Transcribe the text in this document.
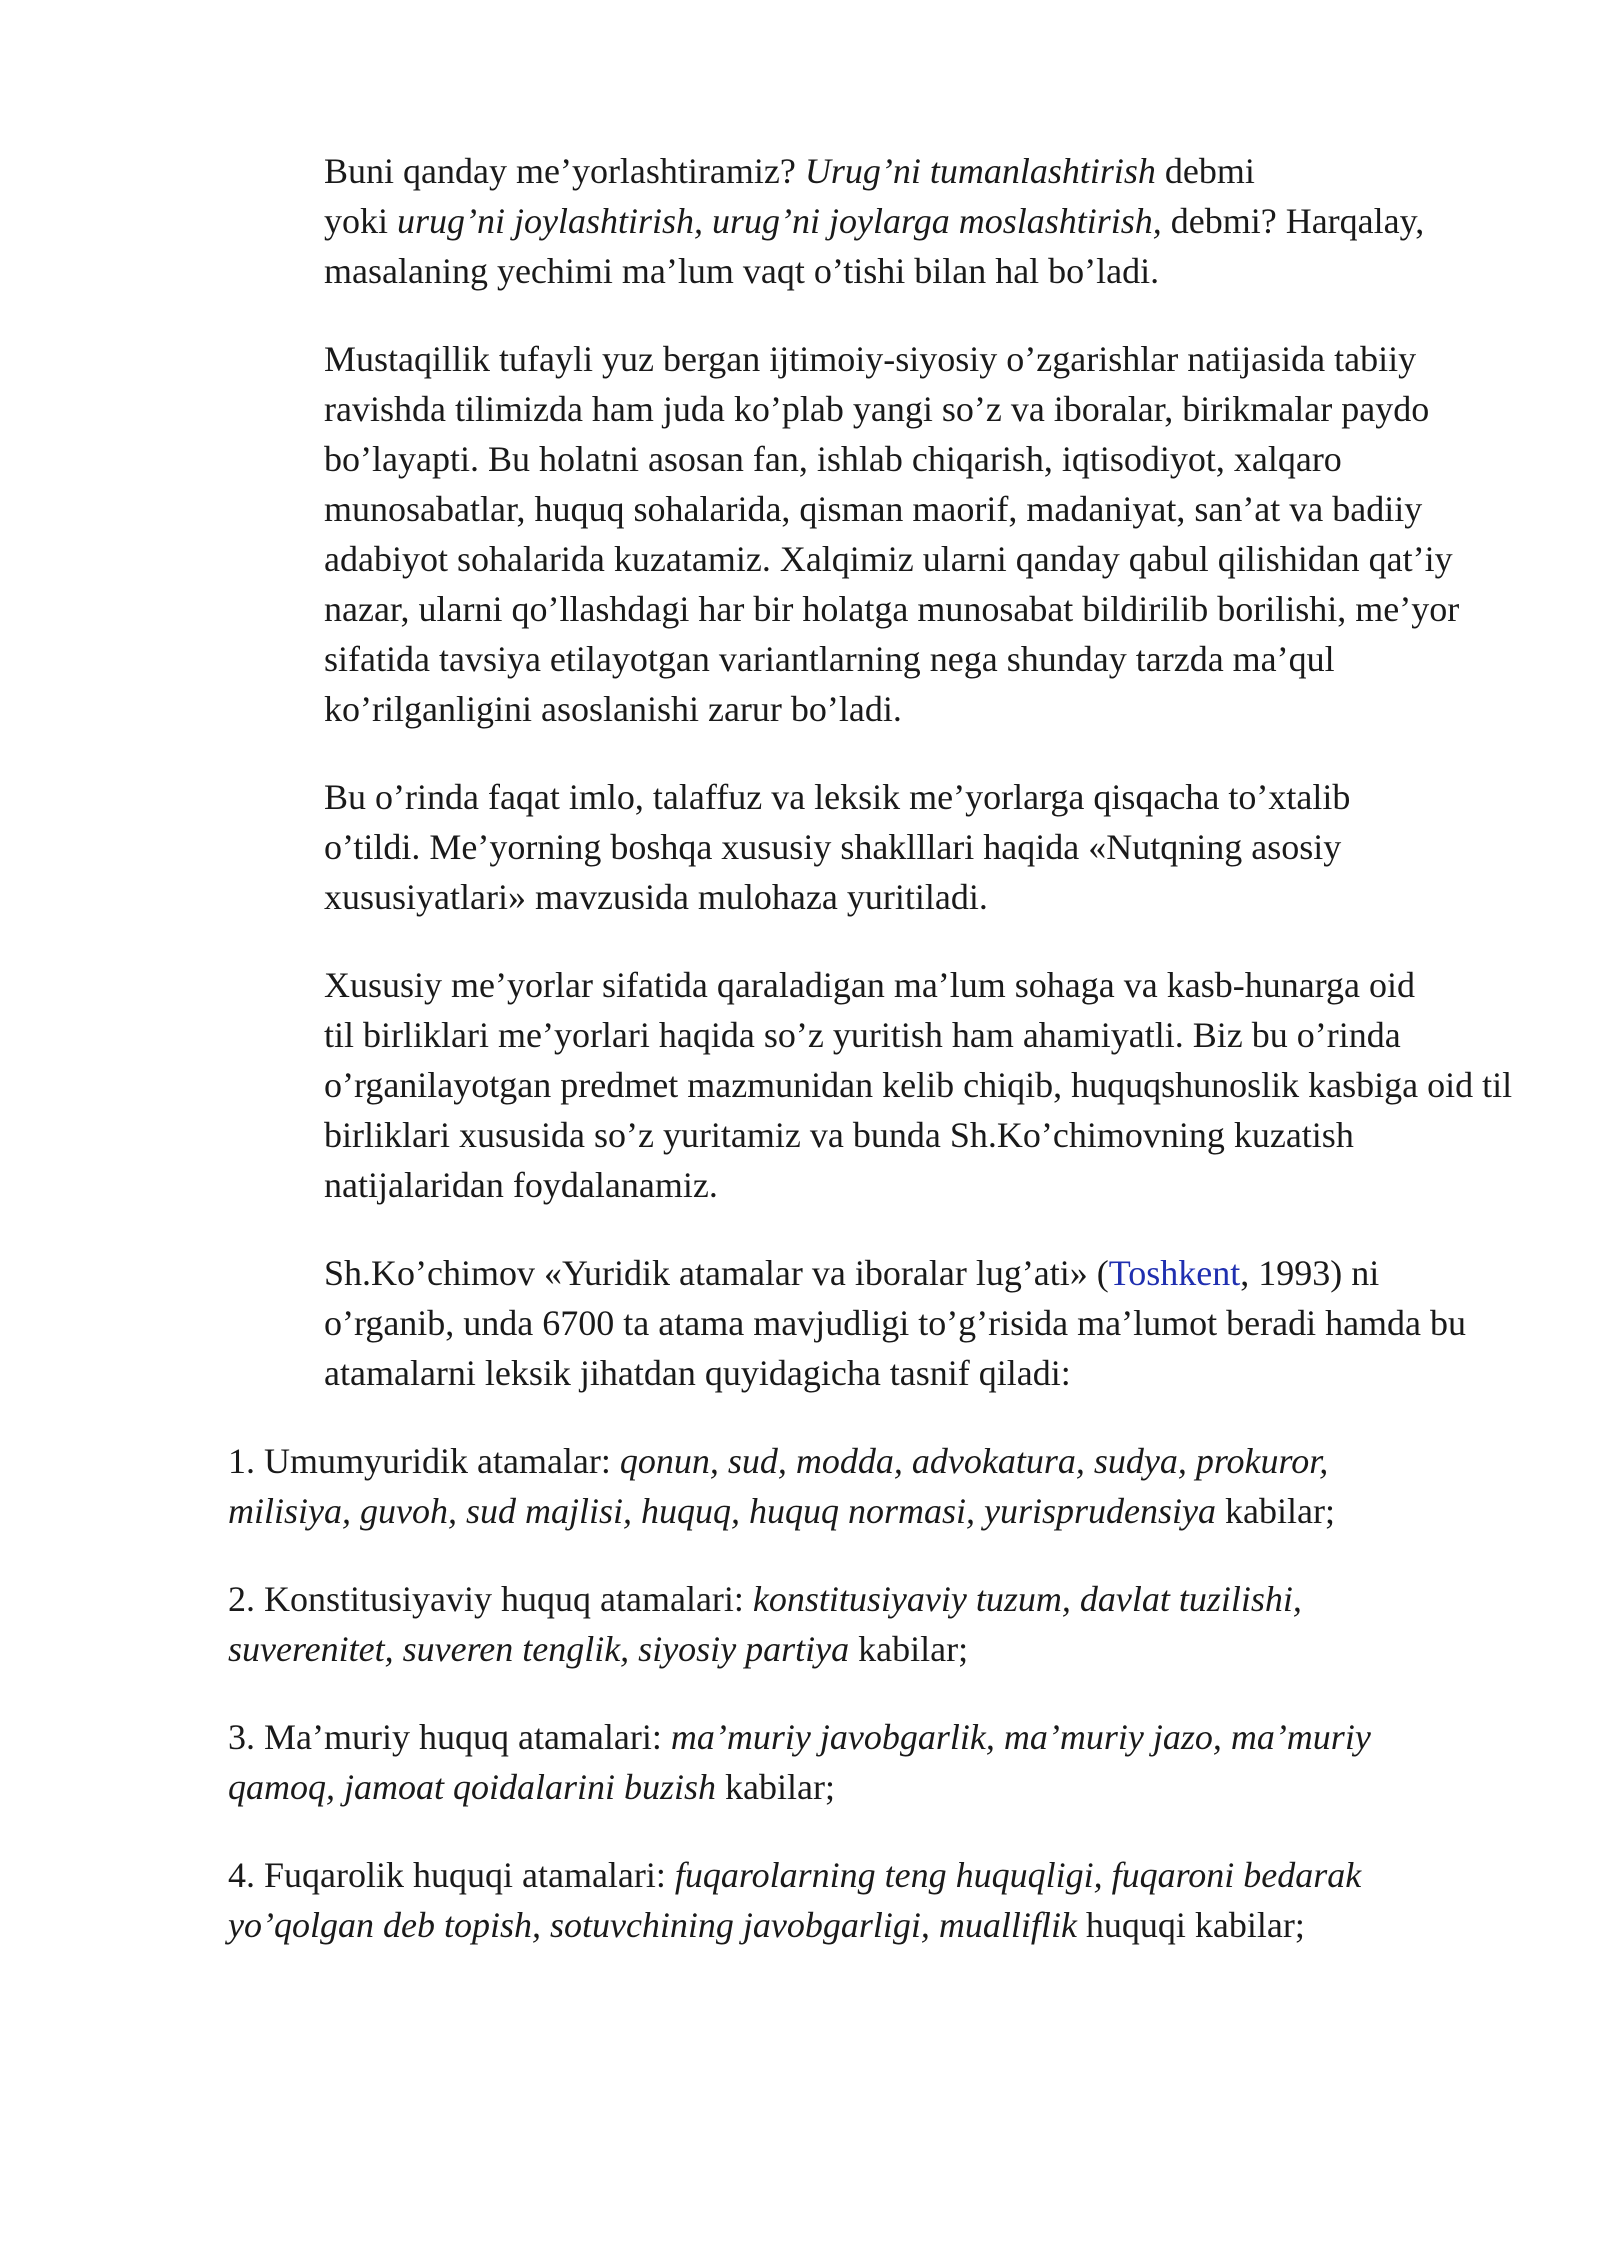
Buni qanday me’yorlashtiramiz? Urug’ni tumanlashtirish debmi
yoki urug’ni joylashtirish, urug’ni joylarga moslashtirish, debmi? Harqalay,
masalaning yechimi ma’lum vaqt o’tishi bilan hal bo’ladi.

Mustaqillik tufayli yuz bergan ijtimoiy-siyosiy o’zgarishlar natijasida tabiiy
ravishda tilimizda ham juda ko’plab yangi so’z va iboralar, birikmalar paydo
bo’layapti. Bu holatni asosan fan, ishlab chiqarish, iqtisodiyot, xalqaro
munosabatlar, huquq sohalarida, qisman maorif, madaniyat, san’at va badiiy
adabiyot sohalarida kuzatamiz. Xalqimiz ularni qanday qabul qilishidan qat’iy
nazar, ularni qo’llashdagi har bir holatga munosabat bildirilib borilishi, me’yor
sifatida tavsiya etilayotgan variantlarning nega shunday tarzda ma’qul
ko’rilganligini asoslanishi zarur bo’ladi.

Bu o’rinda faqat imlo, talaffuz va leksik me’yorlarga qisqacha to’xtalib
o’tildi. Me’yorning boshqa xususiy shaklllari haqida «Nutqning asosiy
xususiyatlari» mavzusida mulohaza yuritiladi.

Xususiy me’yorlar sifatida qaraladigan ma’lum sohaga va kasb-hunarga oid
til birliklari me’yorlari haqida so’z yuritish ham ahamiyatli. Biz bu o’rinda
o’rganilayotgan predmet mazmunidan kelib chiqib, huquqshunoslik kasbiga oid til
birliklari xususida so’z yuritamiz va bunda Sh.Ko’chimovning kuzatish
natijalaridan foydalanamiz.

Sh.Ko’chimov «Yuridik atamalar va iboralar lug’ati» (Toshkent, 1993) ni
o’rganib, unda 6700 ta atama mavjudligi to’g’risida ma’lumot beradi hamda bu
atamalarni leksik jihatdan quyidagicha tasnif qiladi:

1. Umumyuridik atamalar: qonun, sud, modda, advokatura, sudya, prokuror,
milisiya, guvoh, sud majlisi, huquq, huquq normasi, yurisprudensiya kabilar;

2. Konstitusiyaviy huquq atamalari: konstitusiyaviy tuzum, davlat tuzilishi,
suverenitet, suveren tenglik, siyosiy partiya kabilar;

3. Ma’muriy huquq atamalari: ma’muriy javobgarlik, ma’muriy jazo, ma’muriy
qamoq, jamoat qoidalarini buzish kabilar;

4. Fuqarolik huquqi atamalari: fuqarolarning teng huquqligi, fuqaroni bedarak
yo’qolgan deb topish, sotuvchining javobgarligi, mualliflik huquqi kabilar;
